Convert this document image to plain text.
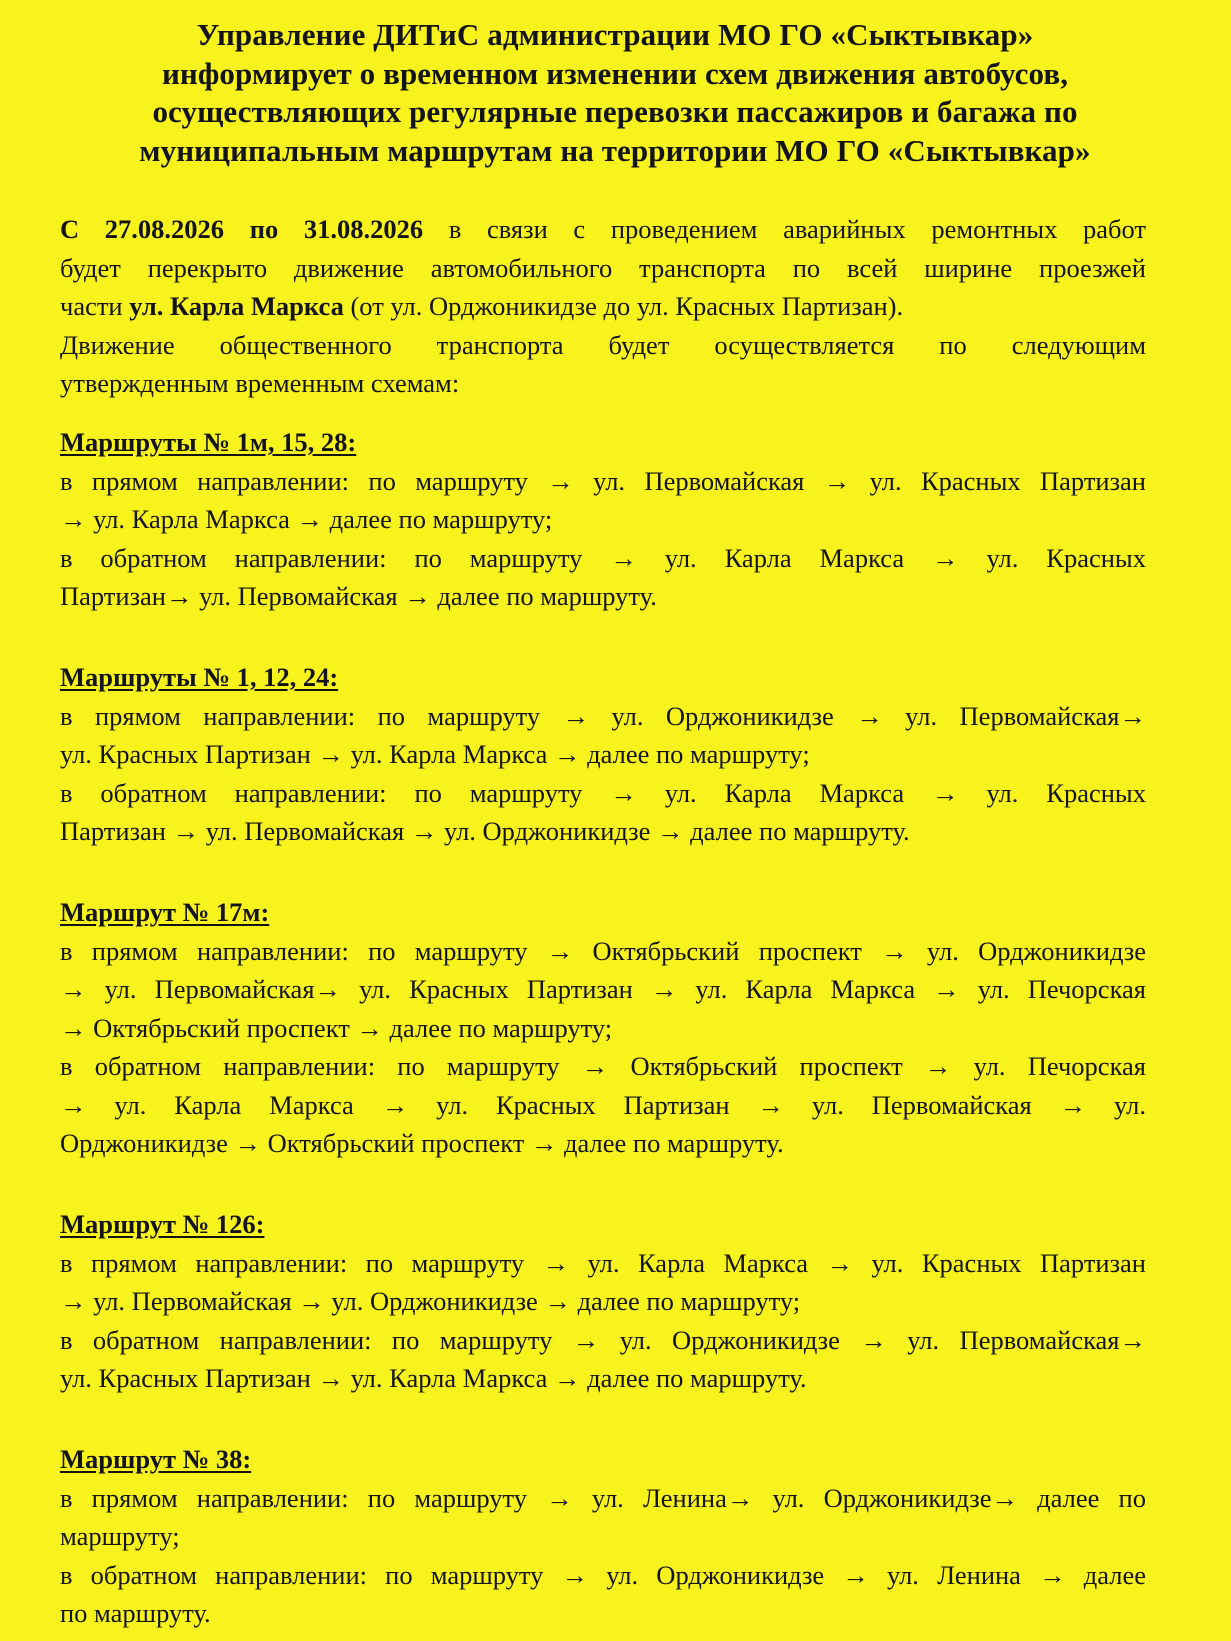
Управление ДИТиС администрации МО ГО «Сыктывкар»
информирует о временном изменении схем движения автобусов,
осуществляющих регулярные перевозки пассажиров и багажа по
муниципальным маршрутам на территории МО ГО «Сыктывкар»
С 27.08.2026 по 31.08.2026 в связи с проведением аварийных ремонтных работ
будет перекрыто движение автомобильного транспорта по всей ширине проезжей
части ул. Карла Маркса (от ул. Орджоникидзе до ул. Красных Партизан).
Движение общественного транспорта будет осуществляется по следующим
утвержденным временным схемам:
Маршруты № 1м, 15, 28:
в прямом направлении: по маршруту → ул. Первомайская → ул. Красных Партизан
→ ул. Карла Маркса → далее по маршруту;
в обратном направлении: по маршруту → ул. Карла Маркса → ул. Красных
Партизан→ ул. Первомайская → далее по маршруту.
Маршруты № 1, 12, 24:
в прямом направлении: по маршруту → ул. Орджоникидзе → ул. Первомайская→
ул. Красных Партизан → ул. Карла Маркса → далее по маршруту;
в обратном направлении: по маршруту → ул. Карла Маркса → ул. Красных
Партизан → ул. Первомайская → ул. Орджоникидзе → далее по маршруту.
Маршрут № 17м:
в прямом направлении: по маршруту → Октябрьский проспект → ул. Орджоникидзе
→ ул. Первомайская→ ул. Красных Партизан → ул. Карла Маркса → ул. Печорская
→ Октябрьский проспект → далее по маршруту;
в обратном направлении: по маршруту → Октябрьский проспект → ул. Печорская
→ ул. Карла Маркса → ул. Красных Партизан → ул. Первомайская → ул.
Орджоникидзе → Октябрьский проспект → далее по маршруту.
Маршрут № 126:
в прямом направлении: по маршруту → ул. Карла Маркса → ул. Красных Партизан
→ ул. Первомайская → ул. Орджоникидзе → далее по маршруту;
в обратном направлении: по маршруту → ул. Орджоникидзе → ул. Первомайская→
ул. Красных Партизан → ул. Карла Маркса → далее по маршруту.
Маршрут № 38:
в прямом направлении: по маршруту → ул. Ленина→ ул. Орджоникидзе→ далее по
маршруту;
в обратном направлении: по маршруту → ул. Орджоникидзе → ул. Ленина → далее
по маршруту.
